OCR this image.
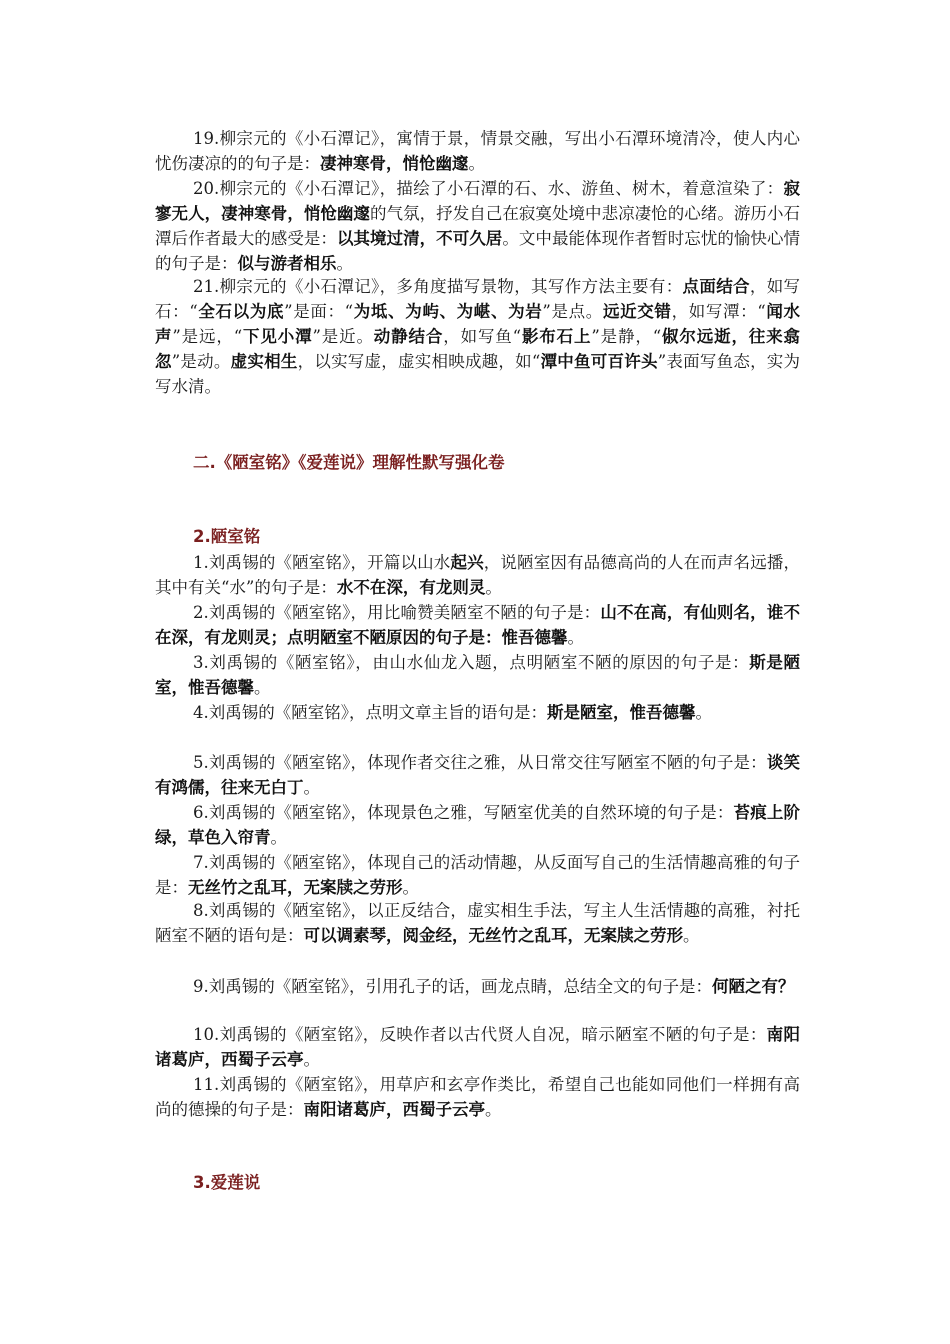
19.柳宗元的《小石潭记》，寓情于景，情景交融，写出小石潭环境清冷，使人内心忧伤凄凉的的句子是：凄神寒骨，悄怆幽邃。

20.柳宗元的《小石潭记》，描绘了小石潭的石、水、游鱼、树木，着意渲染了：寂寥无人，凄神寒骨，悄怆幽邃的气氛，抒发自己在寂寞处境中悲凉凄怆的心绪。游历小石潭后作者最大的感受是：以其境过清，不可久居。文中最能体现作者暂时忘忧的愉快心情的句子是：似与游者相乐。

21.柳宗元的《小石潭记》，多角度描写景物，其写作方法主要有：点面结合，如写石：“全石以为底”是面：“为坻、为屿、为嵁、为岩”是点。远近交错，如写潭：“闻水声”是远，“下见小潭”是近。动静结合，如写鱼“影布石上”是静，“俶尔远逝，往来翕忽”是动。虚实相生，以实写虚，虚实相映成趣，如“潭中鱼可百许头”表面写鱼态，实为写水清。

二.《陋室铭》《爱莲说》理解性默写强化卷

2.陋室铭

1.刘禹锡的《陋室铭》，开篇以山水起兴，说陋室因有品德高尚的人在而声名远播，其中有关“水”的句子是：水不在深，有龙则灵。

2.刘禹锡的《陋室铭》，用比喻赞美陋室不陋的句子是：山不在高，有仙则名，谁不在深，有龙则灵；点明陋室不陋原因的句子是：惟吾德馨。

3.刘禹锡的《陋室铭》，由山水仙龙入题，点明陋室不陋的原因的句子是：斯是陋室，惟吾德馨。

4.刘禹锡的《陋室铭》，点明文章主旨的语句是：斯是陋室，惟吾德馨。

5.刘禹锡的《陋室铭》，体现作者交往之雅，从日常交往写陋室不陋的句子是：谈笑有鸿儒，往来无白丁。

6.刘禹锡的《陋室铭》，体现景色之雅，写陋室优美的自然环境的句子是：苔痕上阶绿，草色入帘青。

7.刘禹锡的《陋室铭》，体现自己的活动情趣，从反面写自己的生活情趣高雅的句子是：无丝竹之乱耳，无案牍之劳形。

8.刘禹锡的《陋室铭》，以正反结合，虚实相生手法，写主人生活情趣的高雅，衬托陋室不陋的语句是：可以调素琴，阅金经，无丝竹之乱耳，无案牍之劳形。

9.刘禹锡的《陋室铭》，引用孔子的话，画龙点睛，总结全文的句子是：何陋之有？

10.刘禹锡的《陋室铭》，反映作者以古代贤人自况，暗示陋室不陋的句子是：南阳诸葛庐，西蜀子云亭。

11.刘禹锡的《陋室铭》，用草庐和玄亭作类比，希望自己也能如同他们一样拥有高尚的德操的句子是：南阳诸葛庐，西蜀子云亭。

3.爱莲说
